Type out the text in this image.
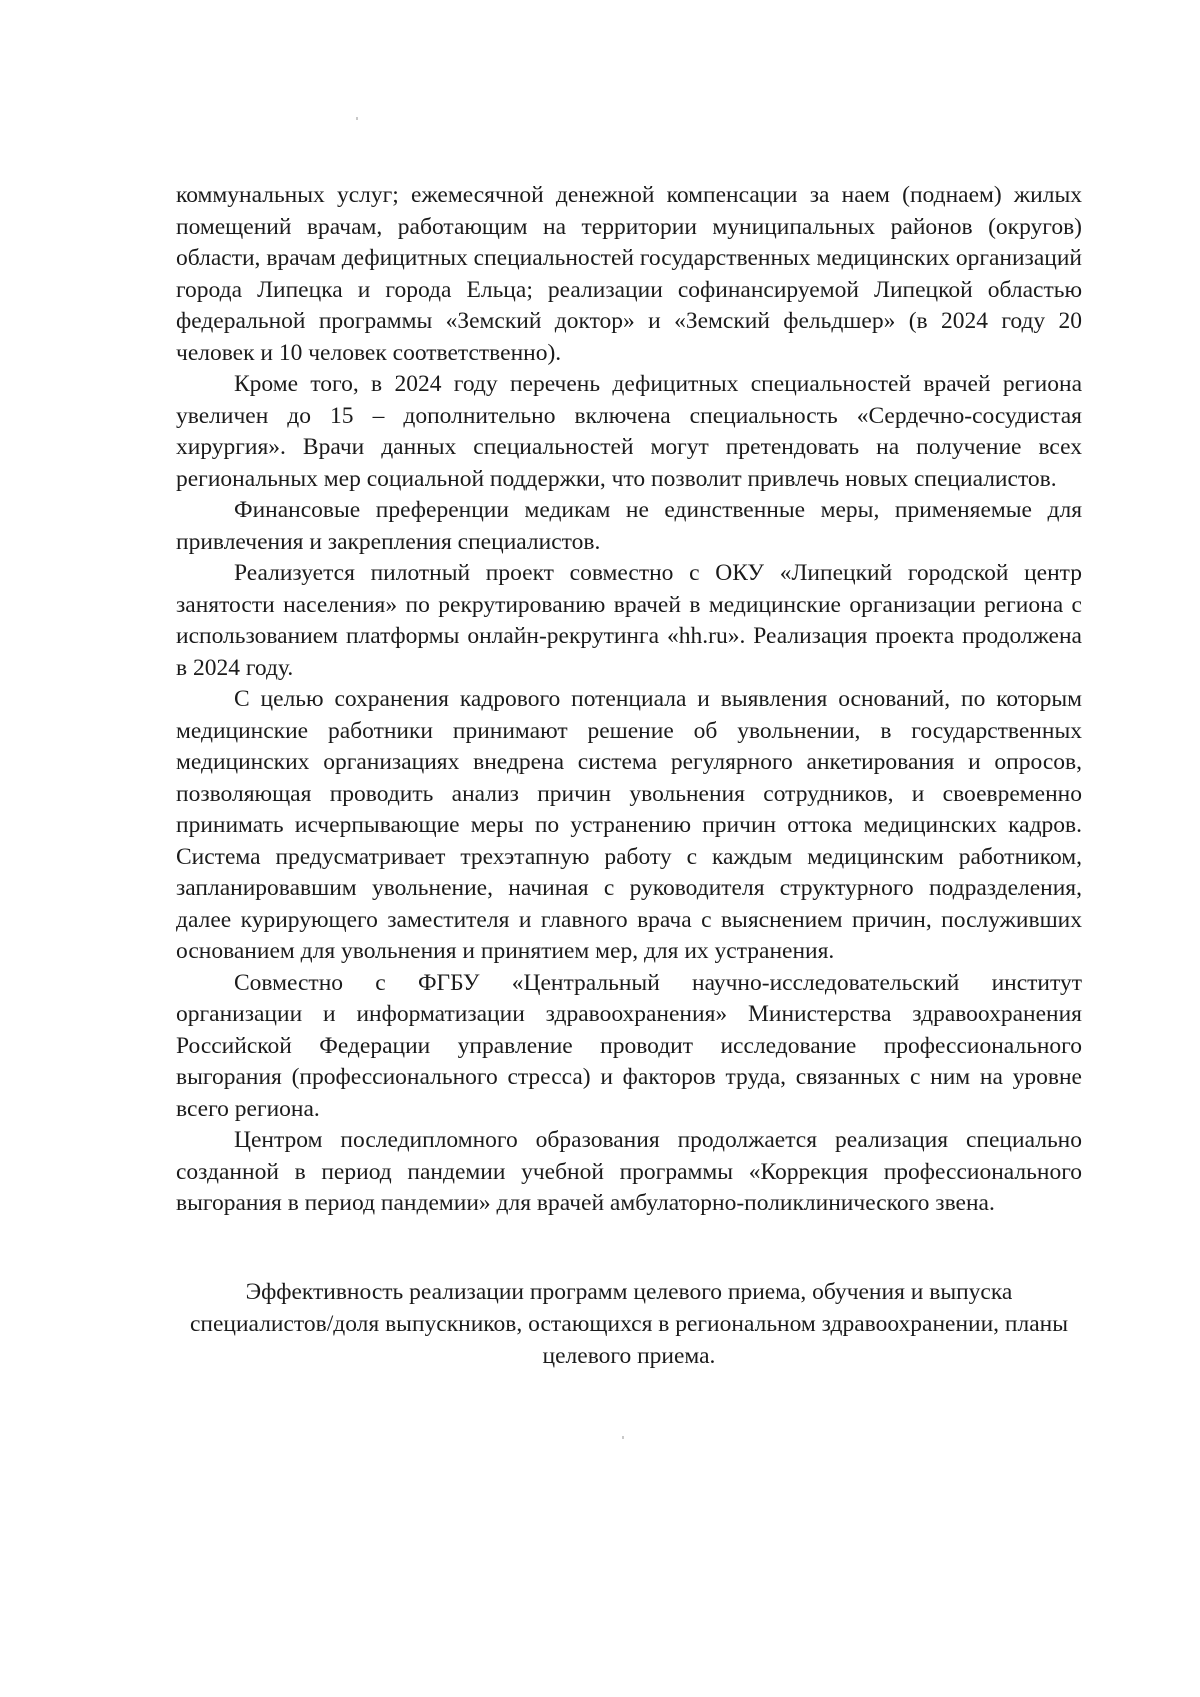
коммунальных услуг; ежемесячной денежной компенсации за наем (поднаем) жилых помещений врачам, работающим на территории муниципальных районов (округов) области, врачам дефицитных специальностей государственных медицинских организаций города Липецка и города Ельца; реализации софинансируемой Липецкой областью федеральной программы «Земский доктор» и «Земский фельдшер» (в 2024 году 20 человек и 10 человек соответственно).

Кроме того, в 2024 году перечень дефицитных специальностей врачей региона увеличен до 15 – дополнительно включена специальность «Сердечно-сосудистая хирургия». Врачи данных специальностей могут претендовать на получение всех региональных мер социальной поддержки, что позволит привлечь новых специалистов.

Финансовые преференции медикам не единственные меры, применяемые для привлечения и закрепления специалистов.

Реализуется пилотный проект совместно с ОКУ «Липецкий городской центр занятости населения» по рекрутированию врачей в медицинские организации региона с использованием платформы онлайн-рекрутинга «hh.ru». Реализация проекта продолжена в 2024 году.

С целью сохранения кадрового потенциала и выявления оснований, по которым медицинские работники принимают решение об увольнении, в государственных медицинских организациях внедрена система регулярного анкетирования и опросов, позволяющая проводить анализ причин увольнения сотрудников, и своевременно принимать исчерпывающие меры по устранению причин оттока медицинских кадров. Система предусматривает трехэтапную работу с каждым медицинским работником, запланировавшим увольнение, начиная с руководителя структурного подразделения, далее курирующего заместителя и главного врача с выяснением причин, послуживших основанием для увольнения и принятием мер, для их устранения.

Совместно с ФГБУ «Центральный научно-исследовательский институт организации и информатизации здравоохранения» Министерства здравоохранения Российской Федерации управление проводит исследование профессионального выгорания (профессионального стресса) и факторов труда, связанных с ним на уровне всего региона.

Центром последипломного образования продолжается реализация специально созданной в период пандемии учебной программы «Коррекция профессионального выгорания в период пандемии» для врачей амбулаторно-поликлинического звена.

Эффективность реализации программ целевого приема, обучения и выпуска специалистов/доля выпускников, остающихся в региональном здравоохранении, планы целевого приема.
